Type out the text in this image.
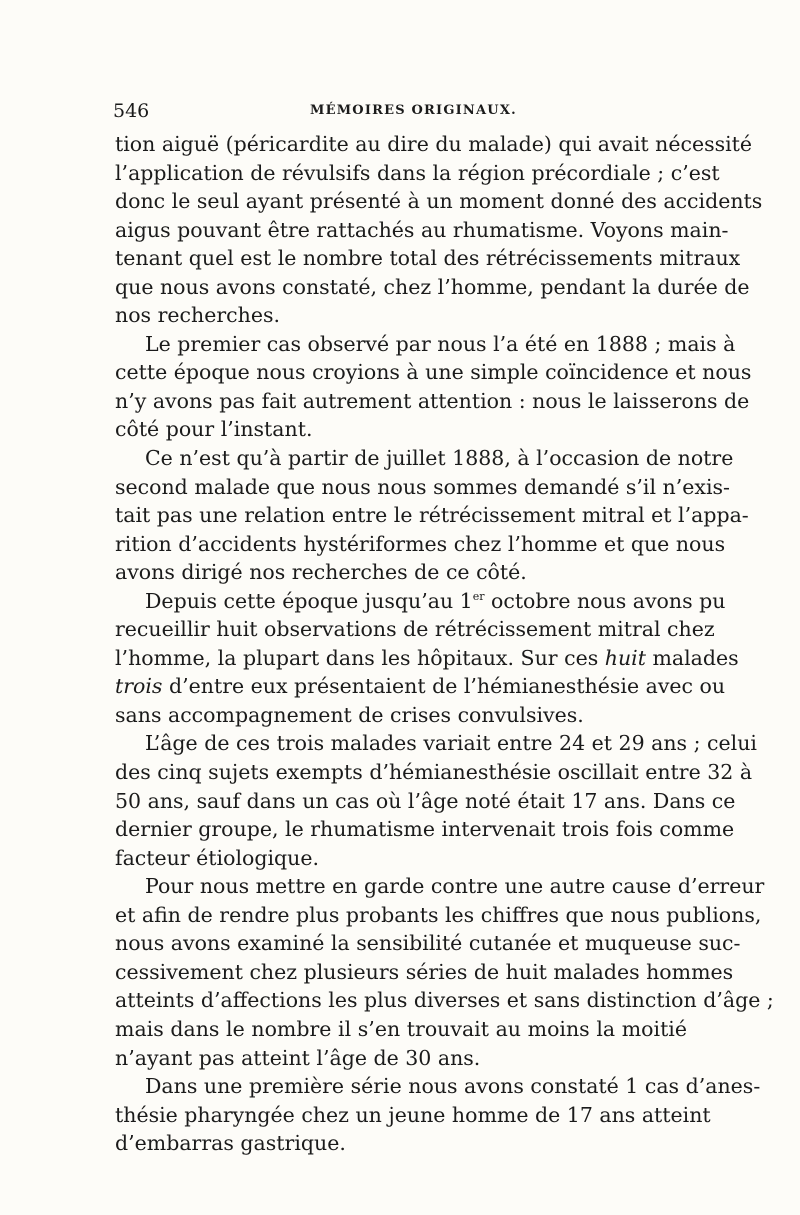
546	MÉMOIRES ORIGINAUX.
tion aiguë (péricardite au dire du malade) qui avait nécessité
l’application de révulsifs dans la région précordiale ; c’est
donc le seul ayant présenté à un moment donné des accidents
aigus pouvant être rattachés au rhumatisme. Voyons main-
tenant quel est le nombre total des rétrécissements mitraux
que nous avons constaté, chez l’homme, pendant la durée de
nos recherches.
Le premier cas observé par nous l’a été en 1888 ; mais à
cette époque nous croyions à une simple coïncidence et nous
n’y avons pas fait autrement attention : nous le laisserons de
côté pour l’instant.
Ce n’est qu’à partir de juillet 1888, à l’occasion de notre
second malade que nous nous sommes demandé s’il n’exis-
tait pas une relation entre le rétrécissement mitral et l’appa-
rition d’accidents hystériformes chez l’homme et que nous
avons dirigé nos recherches de ce côté.
Depuis cette époque jusqu’au 1er octobre nous avons pu
recueillir huit observations de rétrécissement mitral chez
l’homme, la plupart dans les hôpitaux. Sur ces huit malades
trois d’entre eux présentaient de l’hémianesthésie avec ou
sans accompagnement de crises convulsives.
L’âge de ces trois malades variait entre 24 et 29 ans ; celui
des cinq sujets exempts d’hémianesthésie oscillait entre 32 à
50 ans, sauf dans un cas où l’âge noté était 17 ans. Dans ce
dernier groupe, le rhumatisme intervenait trois fois comme
facteur étiologique.
Pour nous mettre en garde contre une autre cause d’erreur
et afin de rendre plus probants les chiffres que nous publions,
nous avons examiné la sensibilité cutanée et muqueuse suc-
cessivement chez plusieurs séries de huit malades hommes
atteints d’affections les plus diverses et sans distinction d’âge ;
mais dans le nombre il s’en trouvait au moins la moitié
n’ayant pas atteint l’âge de 30 ans.
Dans une première série nous avons constaté 1 cas d’anes-
thésie pharyngée chez un jeune homme de 17 ans atteint
d’embarras gastrique.
